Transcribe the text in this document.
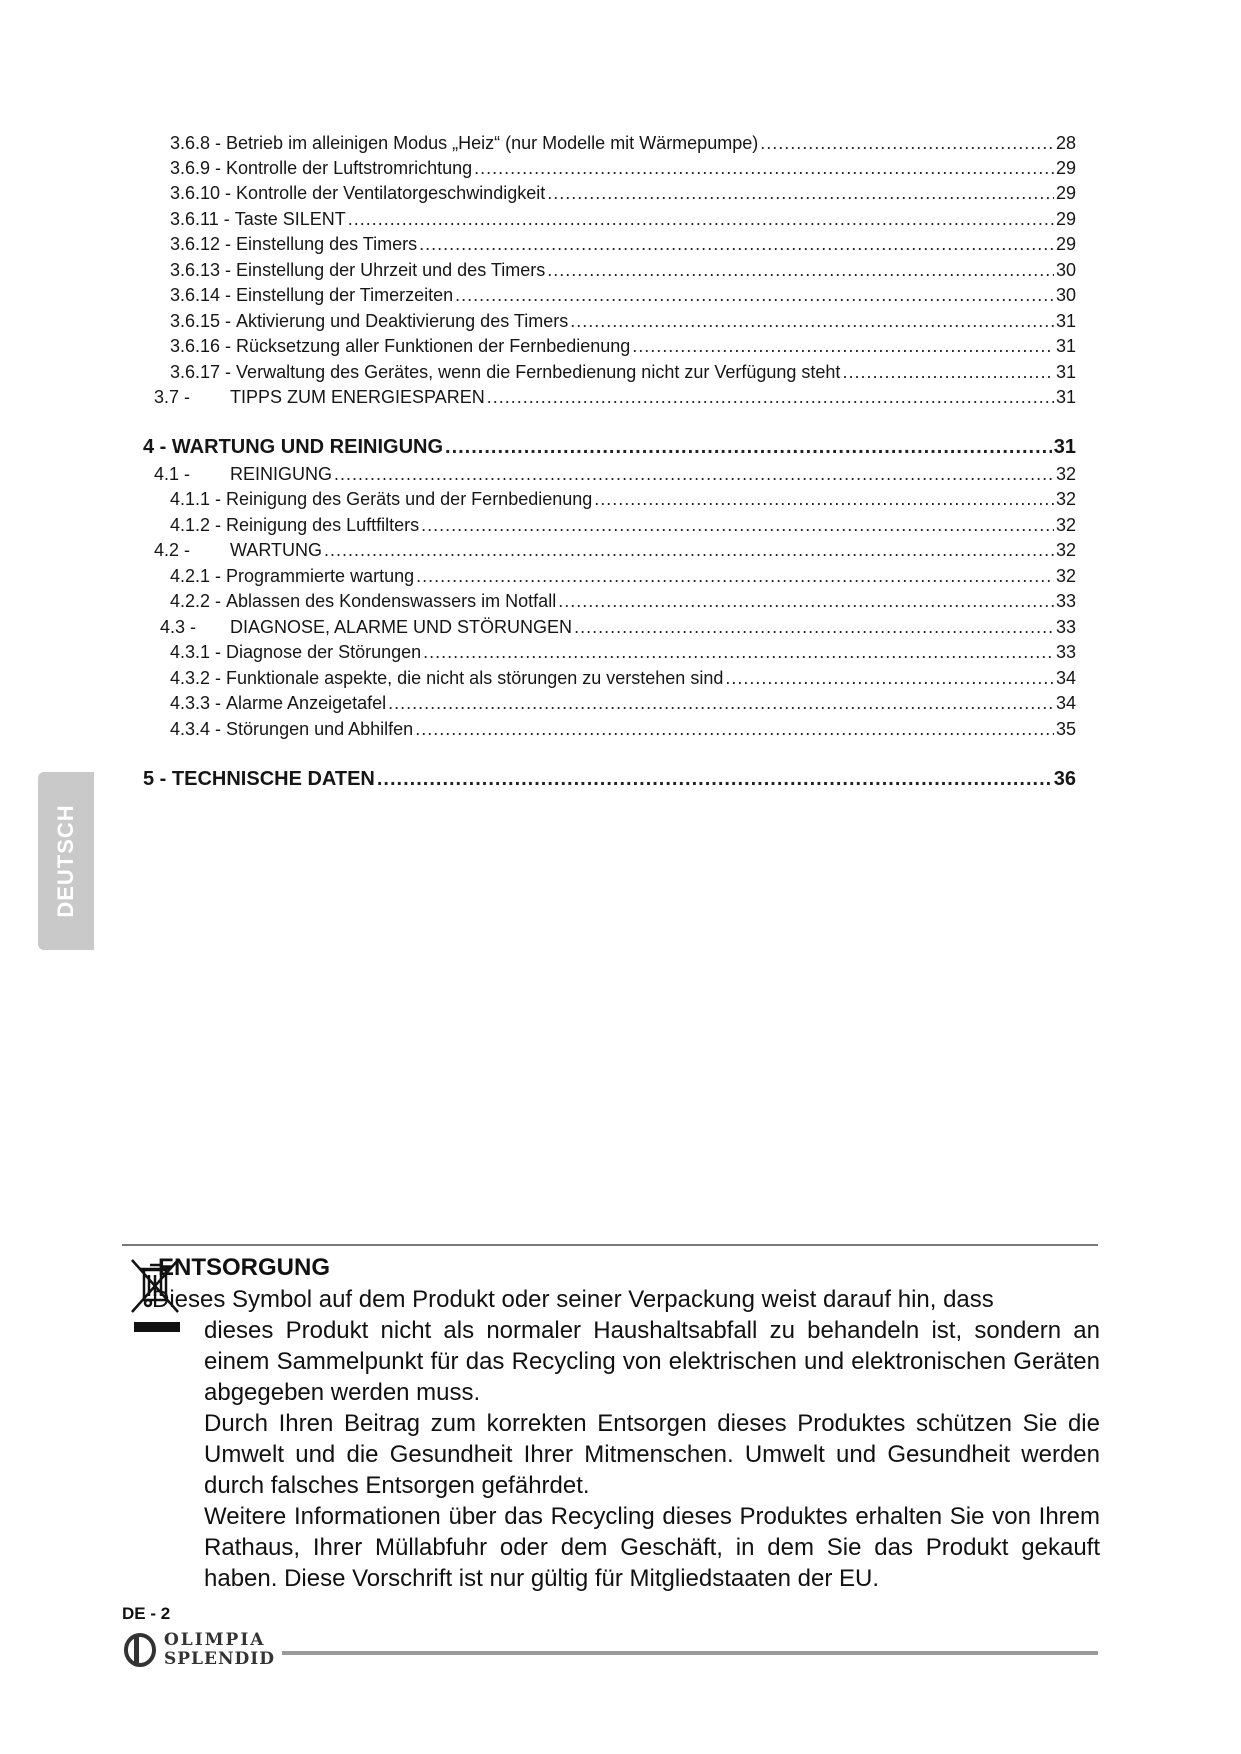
3.6.8 - Betrieb im alleinigen Modus „Heiz“ (nur Modelle mit Wärmepumpe) .....	28
3.6.9 - Kontrolle der Luftstromrichtung .....	29
3.6.10 - Kontrolle der Ventilatorgeschwindigkeit .....	29
3.6.11 - Taste SILENT .....	29
3.6.12 - Einstellung des Timers .....	29
3.6.13 - Einstellung der Uhrzeit und des Timers .....	30
3.6.14 - Einstellung der Timerzeiten .....	30
3.6.15 - Aktivierung und Deaktivierung des Timers .....	31
3.6.16 - Rücksetzung aller Funktionen der Fernbedienung .....	31
3.6.17 - Verwaltung des Gerätes, wenn die Fernbedienung nicht zur Verfügung steht .....	31
3.7 -	TIPPS ZUM ENERGIESPAREN .....	31
4 - WARTUNG UND REINIGUNG .....	31
4.1 -	REINIGUNG .....	32
4.1.1 - Reinigung des Geräts und der Fernbedienung .....	32
4.1.2 - Reinigung des Luftfilters .....	32
4.2 -	WARTUNG .....	32
4.2.1 - Programmierte wartung .....	32
4.2.2 - Ablassen des Kondenswassers im Notfall .....	33
4.3 -	DIAGNOSE, ALARME UND STÖRUNGEN .....	33
4.3.1 - Diagnose der Störungen .....	33
4.3.2 - Funktionale aspekte, die nicht als störungen zu verstehen sind .....	34
4.3.3 - Alarme Anzeigetafel .....	34
4.3.4 - Störungen und Abhilfen .....	35
5 - TECHNISCHE DATEN .....	36
DEUTSCH
ENTSORGUNG

Dieses Symbol auf dem Produkt oder seiner Verpackung weist darauf hin, dass

dieses Produkt nicht als normaler Haushaltsabfall zu behandeln ist, sondern an einem Sammelpunkt für das Recycling von elektrischen und elektronischen Geräten abgegeben werden muss.

Durch Ihren Beitrag zum korrekten Entsorgen dieses Produktes schützen Sie die Umwelt und die Gesundheit Ihrer Mitmenschen. Umwelt und Gesundheit werden durch falsches Entsorgen gefährdet.

Weitere Informationen über das Recycling dieses Produktes erhalten Sie von Ihrem Rathaus, Ihrer Müllabfuhr oder dem Geschäft, in dem Sie das Produkt gekauft haben. Diese Vorschrift ist nur gültig für Mitgliedstaaten der EU.

DE - 2
OLIMPIA
SPLENDID
